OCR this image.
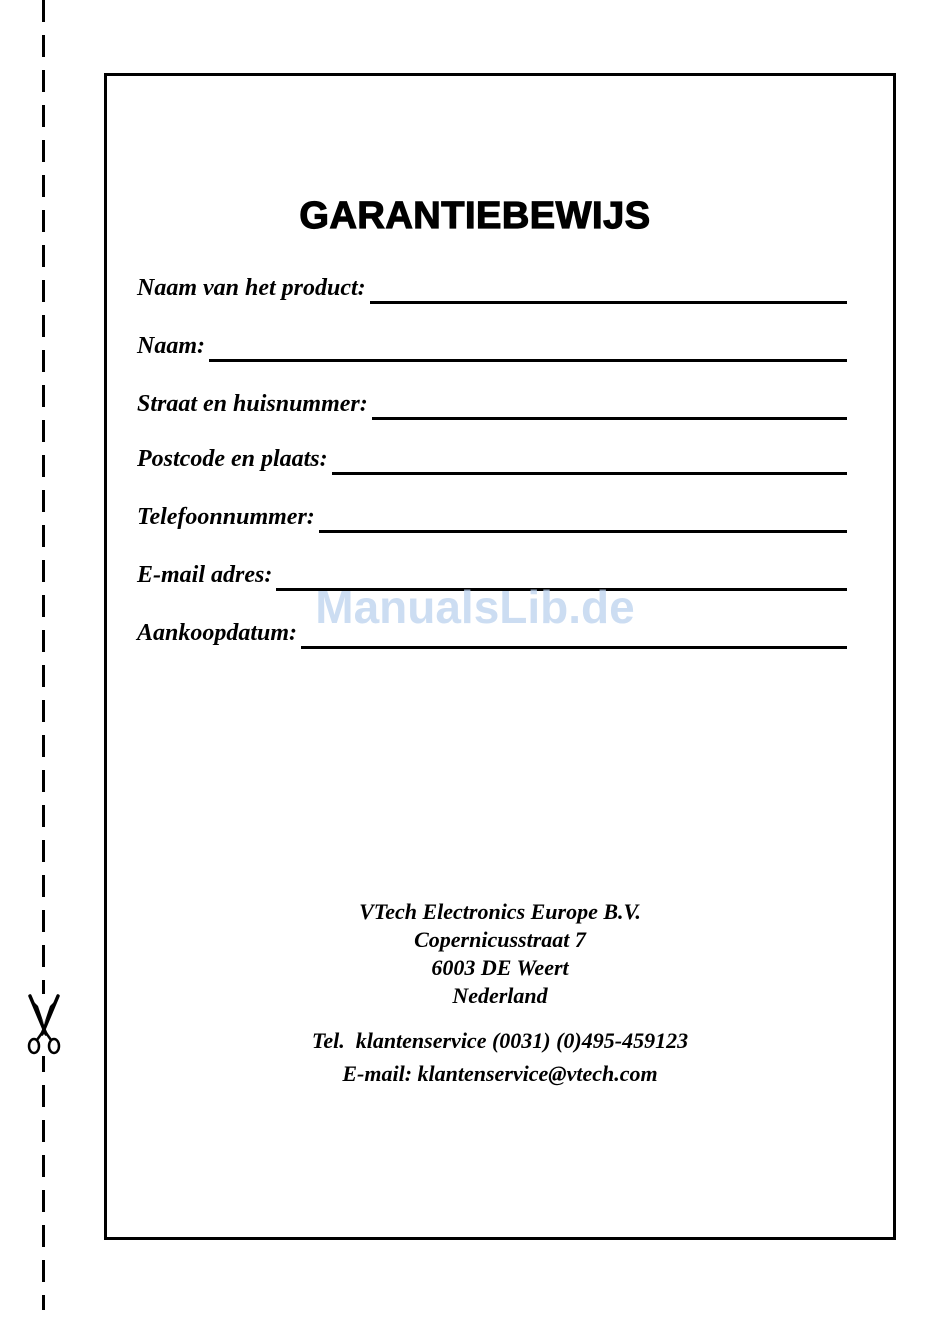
GARANTIEBEWIJS
Naam van het product:
Naam:
Straat en huisnummer:
Postcode en plaats:
Telefoonnummer:
E-mail adres:
Aankoopdatum: ManualsLib.de
VTech Electronics Europe B.V.
Copernicusstraat 7
6003 DE Weert
Nederland
Tel.  klantenservice (0031) (0)495-459123
E-mail: klantenservice@vtech.com
